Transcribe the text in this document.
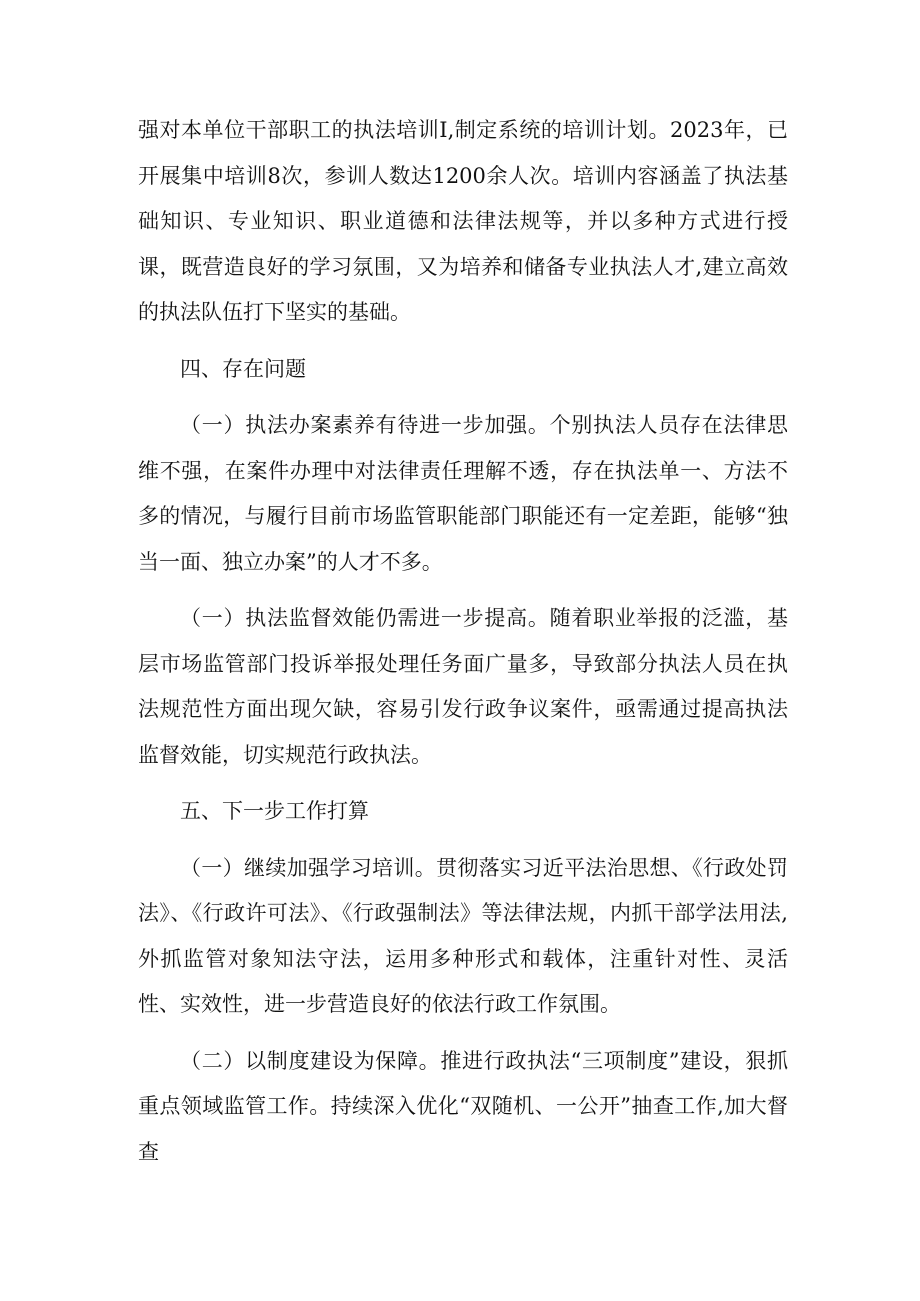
强对本单位干部职工的执法培训I,制定系统的培训计划。2023年，已开展集中培训8次，参训人数达1200余人次。培训内容涵盖了执法基础知识、专业知识、职业道德和法律法规等，并以多种方式进行授课，既营造良好的学习氛围，又为培养和储备专业执法人才,建立高效的执法队伍打下坚实的基础。

四、存在问题

（一）执法办案素养有待进一步加强。个别执法人员存在法律思维不强，在案件办理中对法律责任理解不透，存在执法单一、方法不多的情况，与履行目前市场监管职能部门职能还有一定差距，能够“独当一面、独立办案”的人才不多。

（一）执法监督效能仍需进一步提高。随着职业举报的泛滥，基层市场监管部门投诉举报处理任务面广量多，导致部分执法人员在执法规范性方面出现欠缺，容易引发行政争议案件，亟需通过提高执法监督效能，切实规范行政执法。

五、下一步工作打算

（一）继续加强学习培训。贯彻落实习近平法治思想、《行政处罚法》、《行政许可法》、《行政强制法》等法律法规，内抓干部学法用法,外抓监管对象知法守法，运用多种形式和载体，注重针对性、灵活性、实效性，进一步营造良好的依法行政工作氛围。

（二）以制度建设为保障。推进行政执法“三项制度”建设，狠抓重点领域监管工作。持续深入优化“双随机、一公开”抽查工作,加大督查
